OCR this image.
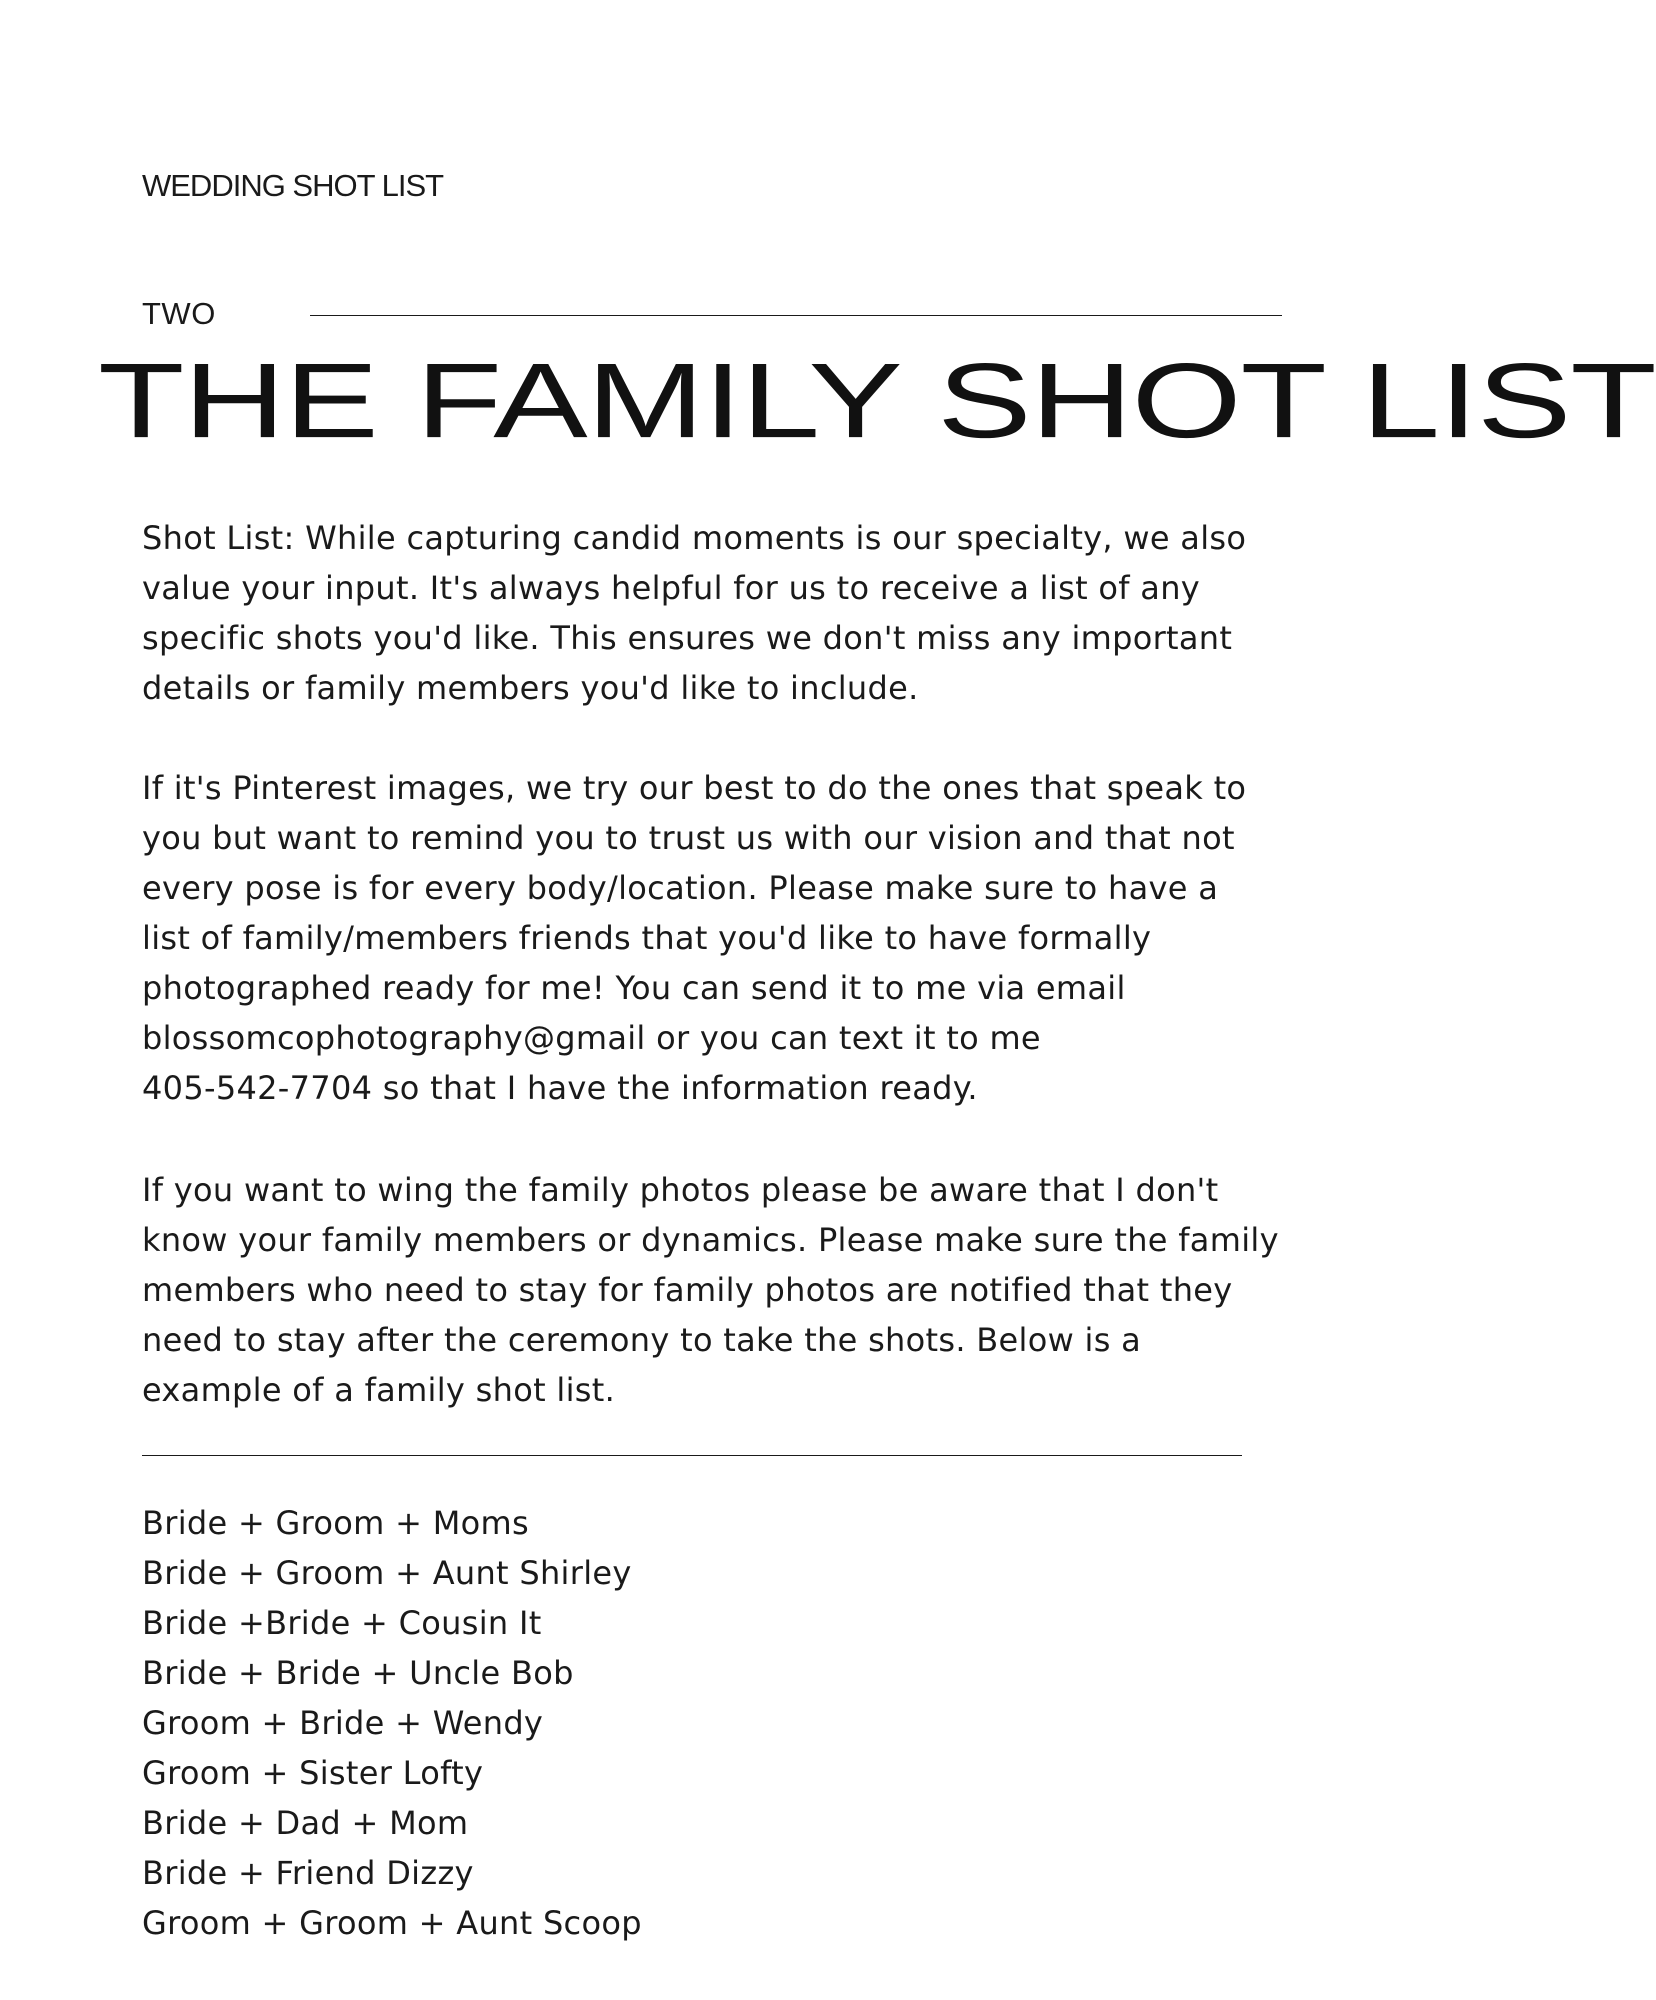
WEDDING SHOT LIST

TWO
THE FAMILY SHOT LIST

Shot List: While capturing candid moments is our specialty, we also
value your input. It's always helpful for us to receive a list of any
specific shots you'd like. This ensures we don't miss any important
details or family members you'd like to include.

If it's Pinterest images, we try our best to do the ones that speak to
you but want to remind you to trust us with our vision and that not
every pose is for every body/location. Please make sure to have a
list of family/members friends that you'd like to have formally
photographed ready for me! You can send it to me via email
blossomcophotography@gmail or you can text it to me
405-542-7704 so that I have the information ready.

If you want to wing the family photos please be aware that I don't
know your family members or dynamics. Please make sure the family
members who need to stay for family photos are notified that they
need to stay after the ceremony to take the shots. Below is a
example of a family shot list.

Bride + Groom + Moms
Bride + Groom + Aunt Shirley
Bride +Bride + Cousin It
Bride + Bride + Uncle Bob
Groom + Bride + Wendy
Groom + Sister Lofty
Bride + Dad + Mom
Bride + Friend Dizzy
Groom + Groom + Aunt Scoop
